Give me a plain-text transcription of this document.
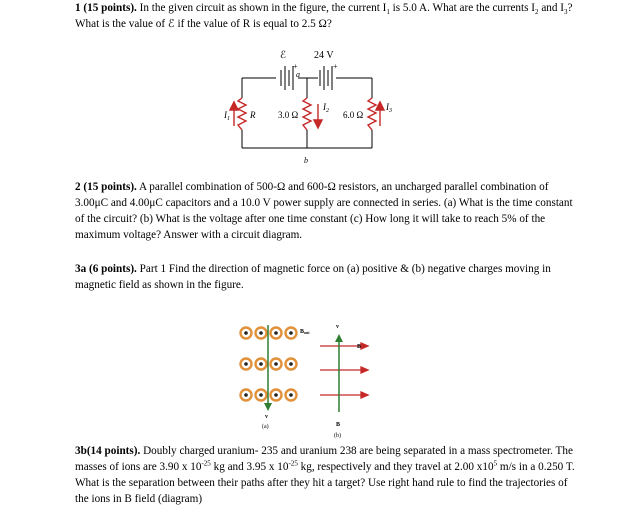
1 (15 points). In the given circuit as shown in the figure, the current $I_1$ is 5.0 A. What are the currents $I_2$ and $I_3$? What is the value of ℰ if the value of R is equal to 2.5 Ω?
ℰ	24 V
a
b
+	+
R	3.0 Ω	6.0 Ω
$I_1$
$I_2$	$I_3$
2 (15 points). A parallel combination of 500-Ω and 600-Ω resistors, an uncharged parallel combination of 3.00μC and 4.00μC capacitors and a 10.0 V power supply are connected in series. (a) What is the time constant of the circuit? (b) What is the voltage after one time constant (c) How long it will take to reach 5% of the maximum voltage? Answer with a circuit diagram.
3a (6 points). Part 1 Find the direction of magnetic force on (a) positive & (b) negative charges moving in magnetic field as shown in the figure.
Bout
v
B
B
v
(a)
(b)
3b(14 points). Doubly charged uranium- 235 and uranium 238 are being separated in a mass spectrometer. The masses of ions are 3.90 x $10^{-25}$ kg and 3.95 x $10^{-25}$ kg, respectively and they travel at 2.00 $x10^5$ m/s in a 0.250 T. What is the separation between their paths after they hit a target? Use right hand rule to find the trajectories of the ions in B field (diagram)
